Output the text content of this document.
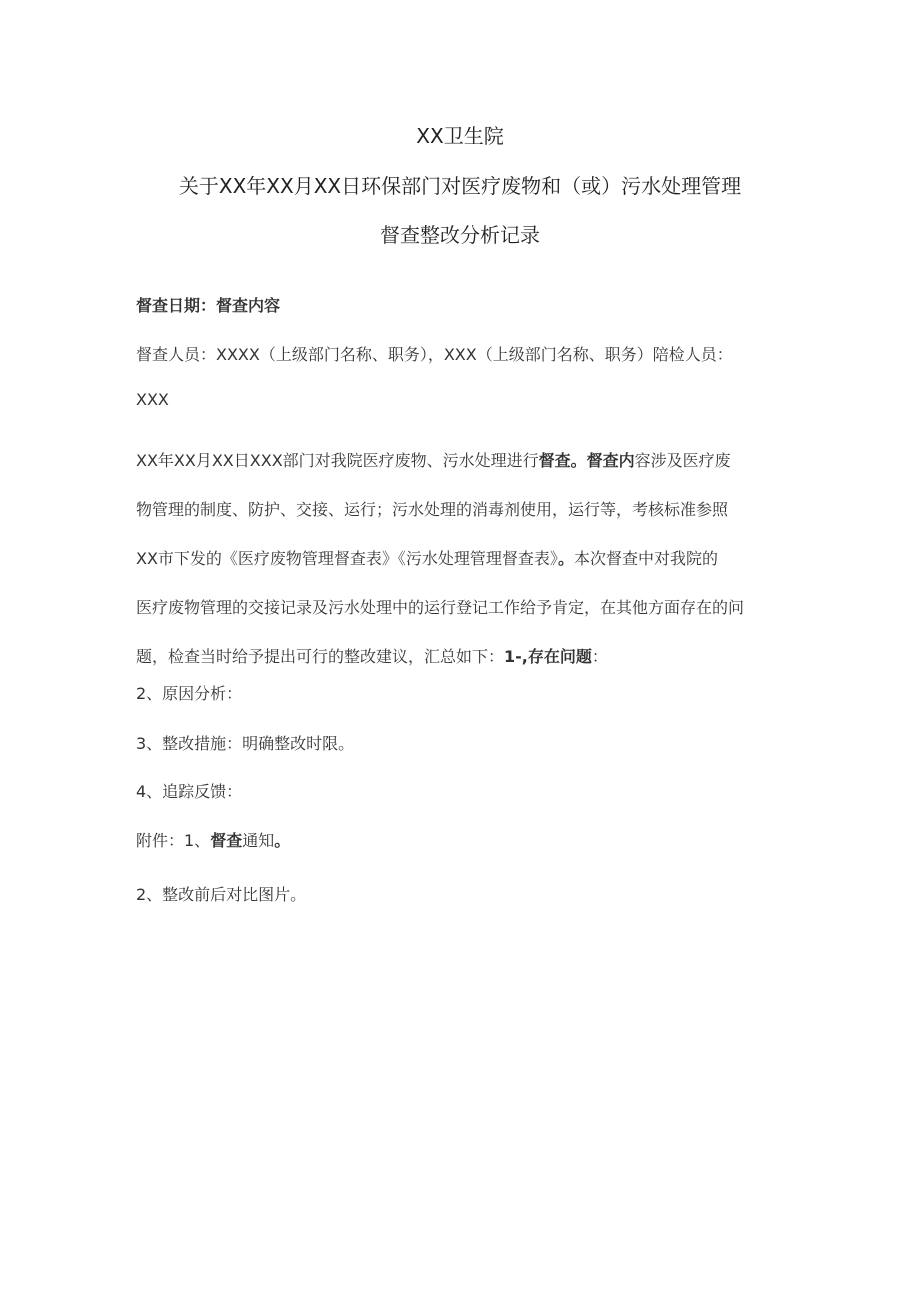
XX卫生院
关于XX年XX月XX日环保部门对医疗废物和（或）污水处理管理
督查整改分析记录
督查日期：督查内容
督查人员：XXXX（上级部门名称、职务），XXX（上级部门名称、职务）陪检人员：
XXX
XX年XX月XX日XXX部门对我院医疗废物、污水处理进行督查。督查内容涉及医疗废
物管理的制度、防护、交接、运行；污水处理的消毒剂使用，运行等，考核标准参照
XX市下发的《医疗废物管理督查表》《污水处理管理督查表》。本次督查中对我院的
医疗废物管理的交接记录及污水处理中的运行登记工作给予肯定，在其他方面存在的问
题，检查当时给予提出可行的整改建议，汇总如下：1-,存在问题：
2、原因分析：
3、整改措施：明确整改时限。
4、追踪反馈：
附件：1、督查通知。
2、整改前后对比图片。
